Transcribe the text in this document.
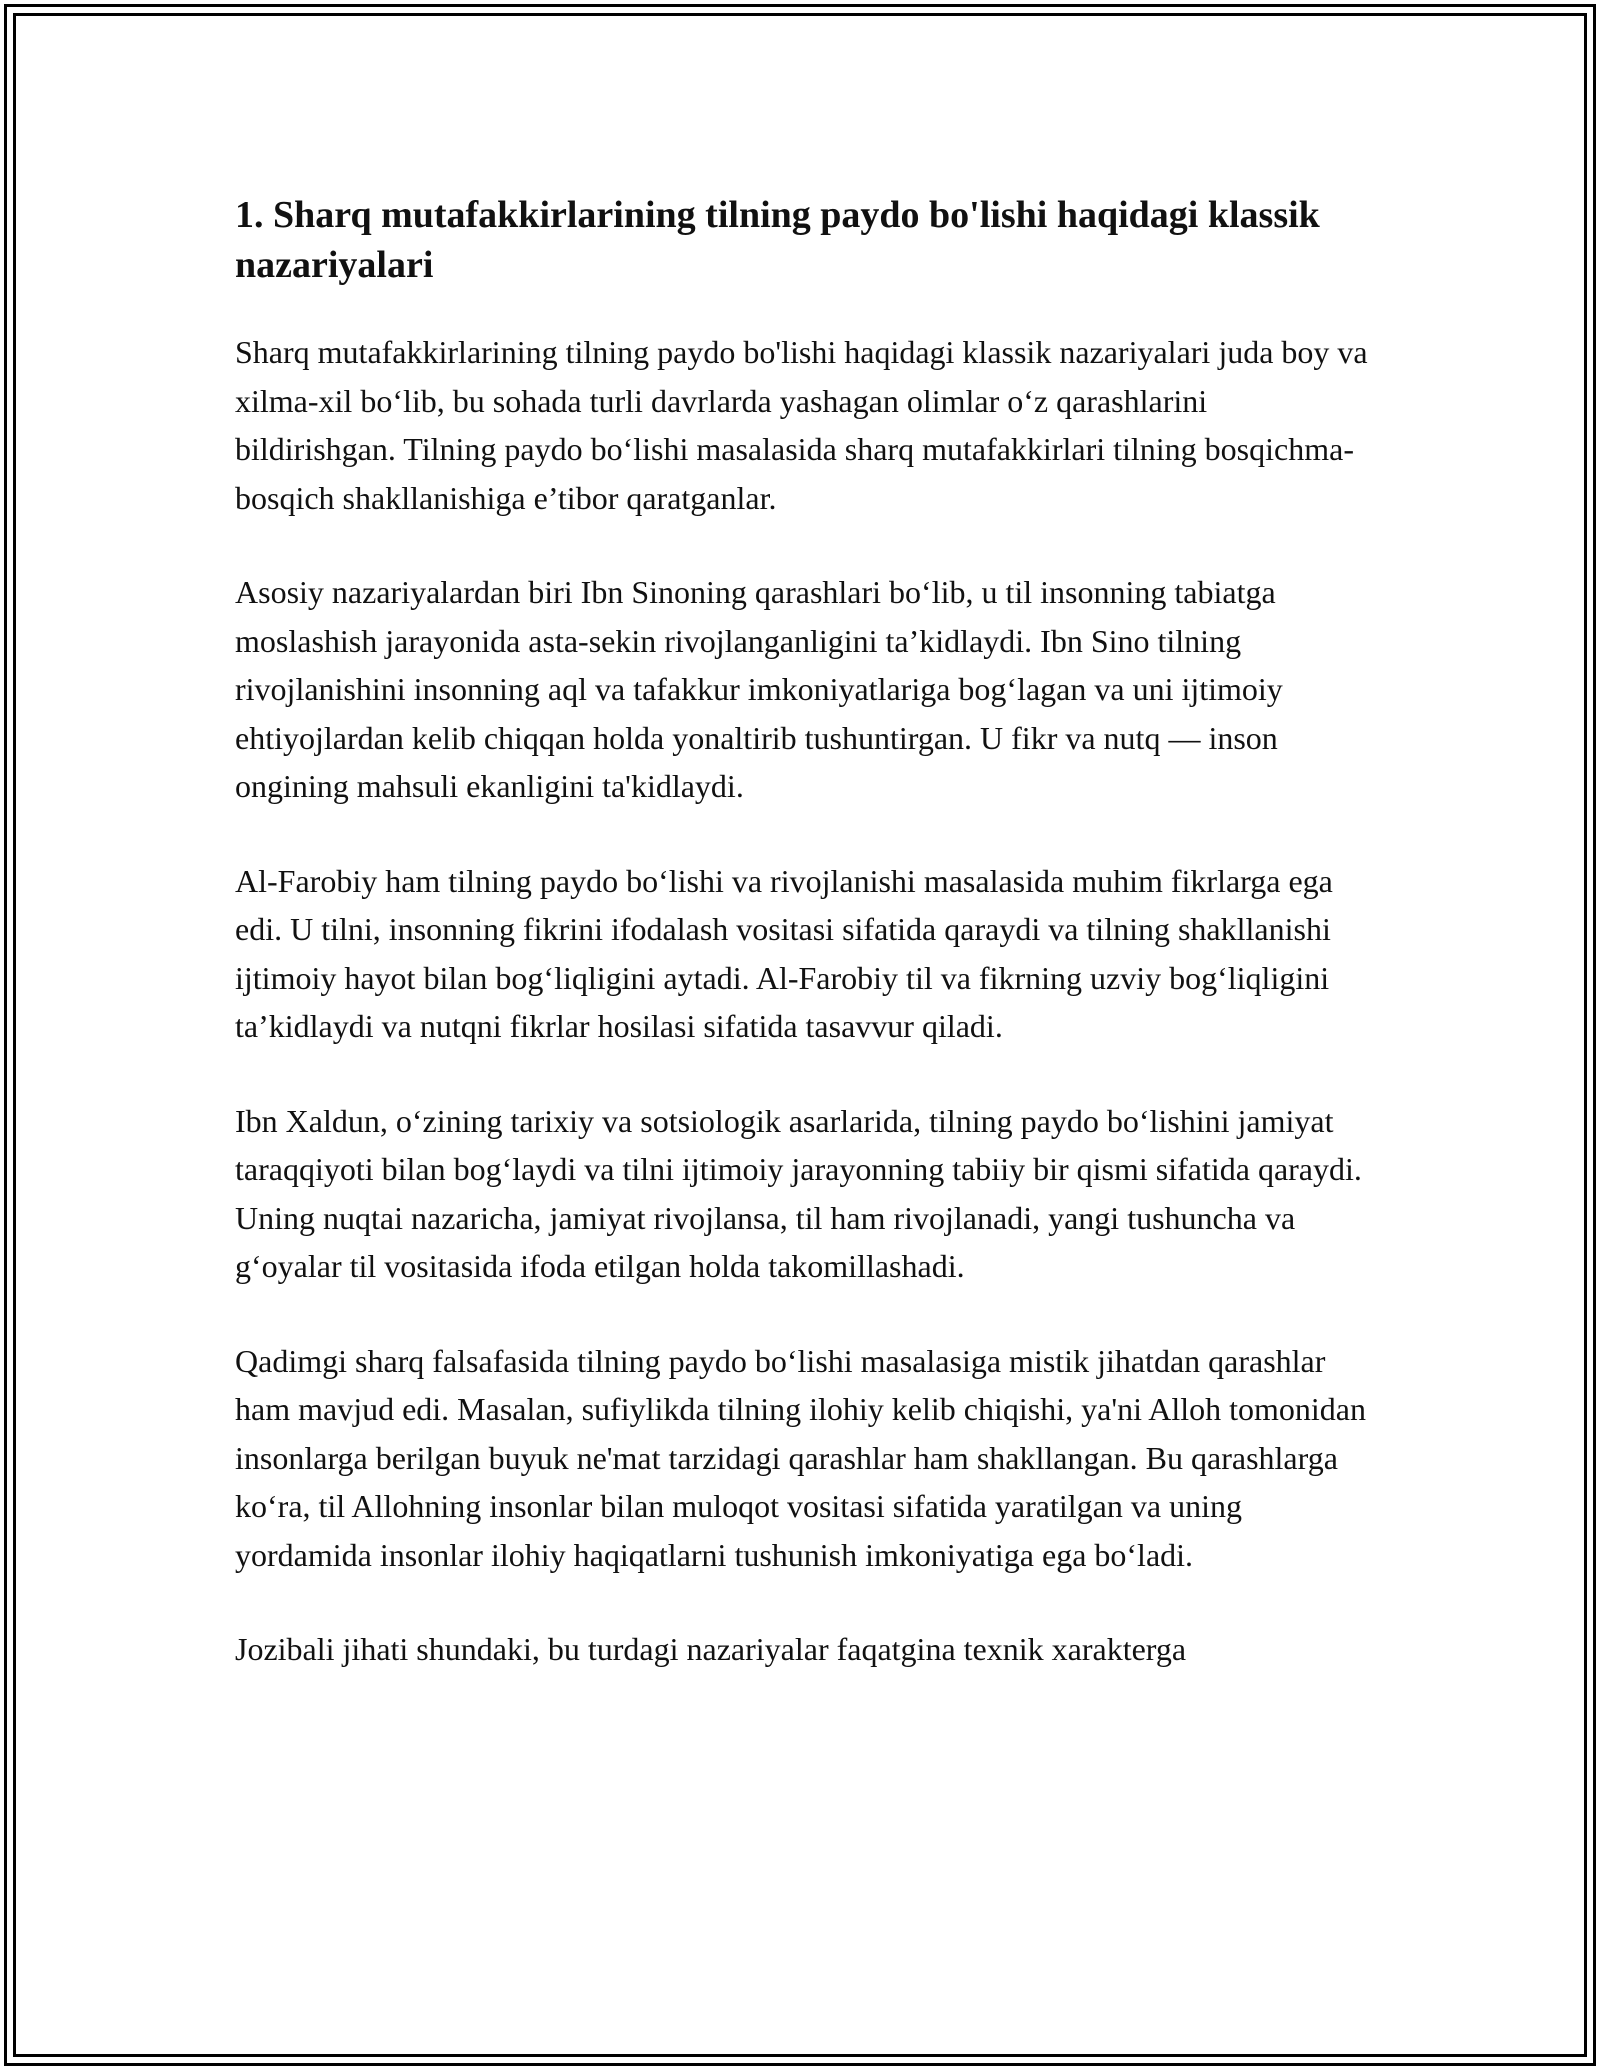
1. Sharq mutafakkirlarining tilning paydo bo'lishi haqidagi klassik nazariyalari

Sharq mutafakkirlarining tilning paydo bo'lishi haqidagi klassik nazariyalari juda boy va xilma-xil boʻlib, bu sohada turli davrlarda yashagan olimlar oʻz qarashlarini bildirishgan. Tilning paydo boʻlishi masalasida sharq mutafakkirlari tilning bosqichma-bosqich shakllanishiga e’tibor qaratganlar.

Asosiy nazariyalardan biri Ibn Sinoning qarashlari boʻlib, u til insonning tabiatga moslashish jarayonida asta-sekin rivojlanganligini ta’kidlaydi. Ibn Sino tilning rivojlanishini insonning aql va tafakkur imkoniyatlariga bogʻlagan va uni ijtimoiy ehtiyojlardan kelib chiqqan holda yonaltirib tushuntirgan. U fikr va nutq — inson ongining mahsuli ekanligini ta'kidlaydi.

Al-Farobiy ham tilning paydo boʻlishi va rivojlanishi masalasida muhim fikrlarga ega edi. U tilni, insonning fikrini ifodalash vositasi sifatida qaraydi va tilning shakllanishi ijtimoiy hayot bilan bogʻliqligini aytadi. Al-Farobiy til va fikrning uzviy bogʻliqligini ta’kidlaydi va nutqni fikrlar hosilasi sifatida tasavvur qiladi.

Ibn Xaldun, oʻzining tarixiy va sotsiologik asarlarida, tilning paydo boʻlishini jamiyat taraqqiyoti bilan bogʻlaydi va tilni ijtimoiy jarayonning tabiiy bir qismi sifatida qaraydi. Uning nuqtai nazaricha, jamiyat rivojlansa, til ham rivojlanadi, yangi tushuncha va gʻoyalar til vositasida ifoda etilgan holda takomillashadi.

Qadimgi sharq falsafasida tilning paydo boʻlishi masalasiga mistik jihatdan qarashlar ham mavjud edi. Masalan, sufiylikda tilning ilohiy kelib chiqishi, ya'ni Alloh tomonidan insonlarga berilgan buyuk ne'mat tarzidagi qarashlar ham shakllangan. Bu qarashlarga koʻra, til Allohning insonlar bilan muloqot vositasi sifatida yaratilgan va uning yordamida insonlar ilohiy haqiqatlarni tushunish imkoniyatiga ega boʻladi.

Jozibali jihati shundaki, bu turdagi nazariyalar faqatgina texnik xarakterga
